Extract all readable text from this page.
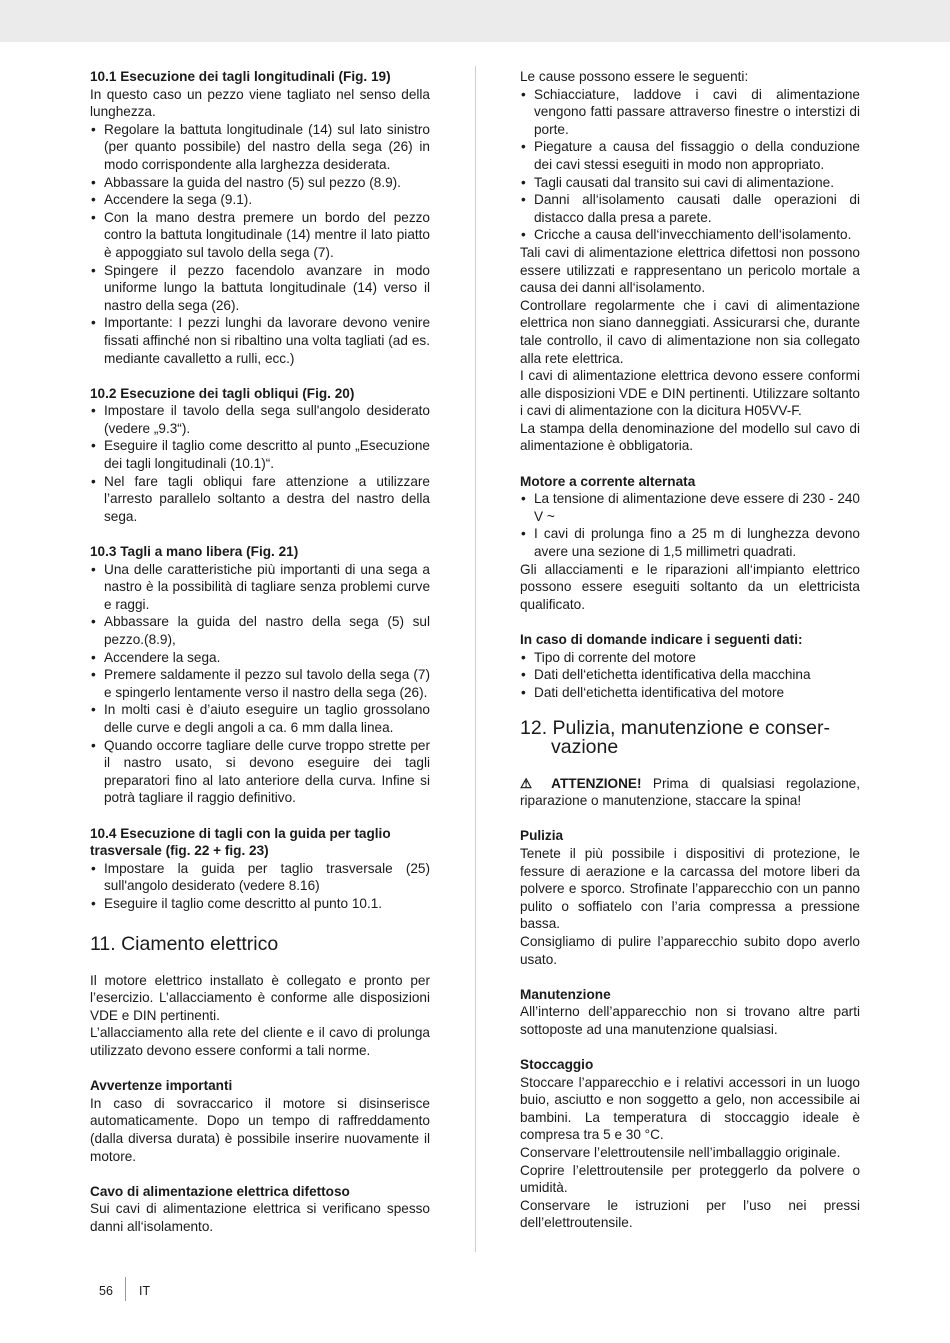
10.1 Esecuzione dei tagli longitudinali (Fig. 19)
In questo caso un pezzo viene tagliato nel senso della lunghezza.
• Regolare la battuta longitudinale (14) sul lato sinistro (per quanto possibile) del nastro della sega (26) in modo corrispondente alla larghezza desiderata.
• Abbassare la guida del nastro (5) sul pezzo (8.9).
• Accendere la sega (9.1).
• Con la mano destra premere un bordo del pezzo contro la battuta longitudinale (14) mentre il lato piatto è appoggiato sul tavolo della sega (7).
• Spingere il pezzo facendolo avanzare in modo uniforme lungo la battuta longitudinale (14) verso il nastro della sega (26).
• Importante: I pezzi lunghi da lavorare devono venire fissati affinché non si ribaltino una volta tagliati (ad es. mediante cavalletto a rulli, ecc.)
10.2 Esecuzione dei tagli obliqui (Fig. 20)
• Impostare il tavolo della sega sull'angolo desiderato (vedere „9.3“).
• Eseguire il taglio come descritto al punto „Esecuzione dei tagli longitudinali (10.1)“.
• Nel fare tagli obliqui fare attenzione a utilizzare l’arresto parallelo soltanto a destra del nastro della sega.
10.3 Tagli a mano libera (Fig. 21)
• Una delle caratteristiche più importanti di una sega a nastro è la possibilità di tagliare senza problemi curve e raggi.
• Abbassare la guida del nastro della sega (5) sul pezzo.(8.9),
• Accendere la sega.
• Premere saldamente il pezzo sul tavolo della sega (7) e spingerlo lentamente verso il nastro della sega (26).
• In molti casi è d’aiuto eseguire un taglio grossolano delle curve e degli angoli a ca. 6 mm dalla linea.
• Quando occorre tagliare delle curve troppo strette per il nastro usato, si devono eseguire dei tagli preparatori fino al lato anteriore della curva. Infine si potrà tagliare il raggio definitivo.
10.4 Esecuzione di tagli con la guida per taglio trasversale (fig. 22 + fig. 23)
• Impostare la guida per taglio trasversale (25) sull'angolo desiderato (vedere 8.16)
• Eseguire il taglio come descritto al punto 10.1.
11. Ciamento elettrico
Il motore elettrico installato è collegato e pronto per l’esercizio. L’allacciamento è conforme alle disposizioni VDE e DIN pertinenti.
L’allacciamento alla rete del cliente e il cavo di prolunga utilizzato devono essere conformi a tali norme.
Avvertenze importanti
In caso di sovraccarico il motore si disinserisce automaticamente. Dopo un tempo di raffreddamento (dalla diversa durata) è possibile inserire nuovamente il motore.
Cavo di alimentazione elettrica difettoso
Sui cavi di alimentazione elettrica si verificano spesso danni all‘isolamento.
Le cause possono essere le seguenti:
• Schiacciature, laddove i cavi di alimentazione vengono fatti passare attraverso finestre o interstizi di porte.
• Piegature a causa del fissaggio o della conduzione dei cavi stessi eseguiti in modo non appropriato.
• Tagli causati dal transito sui cavi di alimentazione.
• Danni all‘isolamento causati dalle operazioni di distacco dalla presa a parete.
• Cricche a causa dell‘invecchiamento dell‘isolamento.
Tali cavi di alimentazione elettrica difettosi non possono essere utilizzati e rappresentano un pericolo mortale a causa dei danni all‘isolamento.
Controllare regolarmente che i cavi di alimentazione elettrica non siano danneggiati. Assicurarsi che, durante tale controllo, il cavo di alimentazione non sia collegato alla rete elettrica.
I cavi di alimentazione elettrica devono essere conformi alle disposizioni VDE e DIN pertinenti. Utilizzare soltanto i cavi di alimentazione con la dicitura H05VV-F.
La stampa della denominazione del modello sul cavo di alimentazione è obbligatoria.
Motore a corrente alternata
• La tensione di alimentazione deve essere di 230 - 240 V ~
• I cavi di prolunga fino a 25 m di lunghezza devono avere una sezione di 1,5 millimetri quadrati.
Gli allacciamenti e le riparazioni all‘impianto elettrico possono essere eseguiti soltanto da un elettricista qualificato.
In caso di domande indicare i seguenti dati:
• Tipo di corrente del motore
• Dati dell‘etichetta identificativa della macchina
• Dati dell‘etichetta identificativa del motore
12. Pulizia, manutenzione e conser-
vazione
⚠ ATTENZIONE! Prima di qualsiasi regolazione, riparazione o manutenzione, staccare la spina!
Pulizia
Tenete il più possibile i dispositivi di protezione, le fessure di aerazione e la carcassa del motore liberi da polvere e sporco. Strofinate l’apparecchio con un panno pulito o soffiatelo con l’aria compressa a pressione bassa.
Consigliamo di pulire l’apparecchio subito dopo averlo usato.
Manutenzione
All’interno dell’apparecchio non si trovano altre parti sottoposte ad una manutenzione qualsiasi.
Stoccaggio
Stoccare l’apparecchio e i relativi accessori in un luogo buio, asciutto e non soggetto a gelo, non accessibile ai bambini. La temperatura di stoccaggio ideale è compresa tra 5 e 30 °C.
Conservare l’elettroutensile nell’imballaggio originale.
Coprire l’elettroutensile per proteggerlo da polvere o umidità.
Conservare le istruzioni per l’uso nei pressi dell’elettroutensile.
56 IT
